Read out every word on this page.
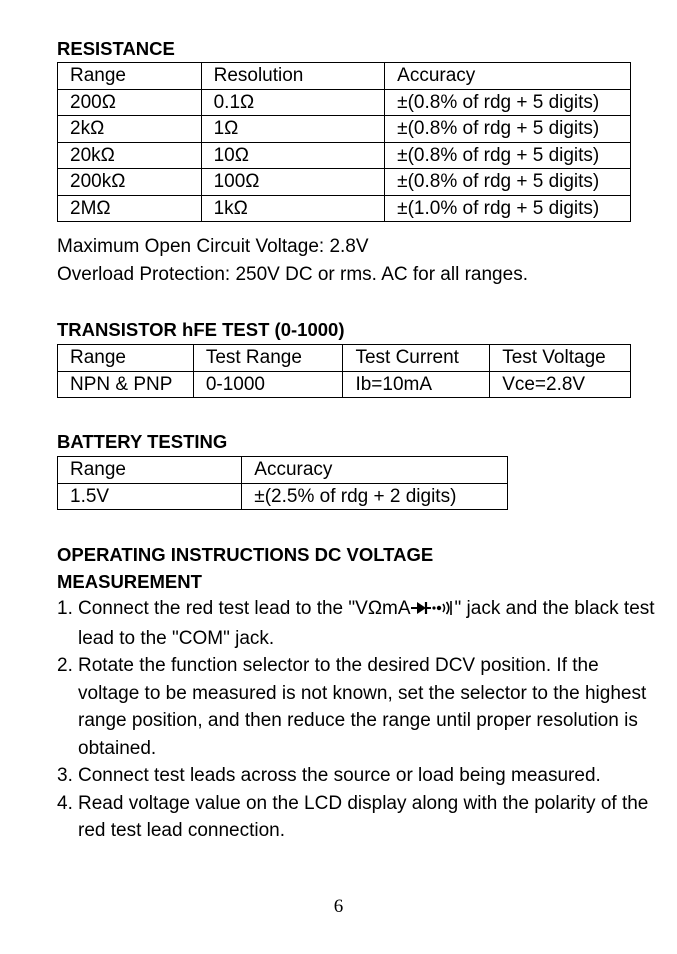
RESISTANCE
Range	Resolution	Accuracy
200Ω	0.1Ω	±(0.8% of rdg + 5 digits)
2kΩ	1Ω	±(0.8% of rdg + 5 digits)
20kΩ	10Ω	±(0.8% of rdg + 5 digits)
200kΩ	100Ω	±(0.8% of rdg + 5 digits)
2MΩ	1kΩ	±(1.0% of rdg + 5 digits)
Maximum Open Circuit Voltage: 2.8V
Overload Protection: 250V DC or rms. AC for all ranges.
TRANSISTOR hFE TEST (0-1000)
Range	Test Range	Test Current	Test Voltage
NPN & PNP	0-1000	Ib=10mA	Vce=2.8V
BATTERY TESTING
Range	Accuracy
1.5V	±(2.5% of rdg + 2 digits)
OPERATING INSTRUCTIONS DC VOLTAGE
MEASUREMENT
1. Connect the red test lead to the "VΩmA " jack and the black test lead to the "COM" jack.
2. Rotate the function selector to the desired DCV position. If the voltage to be measured is not known, set the selector to the highest range position, and then reduce the range until proper resolution is obtained.
3. Connect test leads across the source or load being measured.
4. Read voltage value on the LCD display along with the polarity of the red test lead connection.
6
